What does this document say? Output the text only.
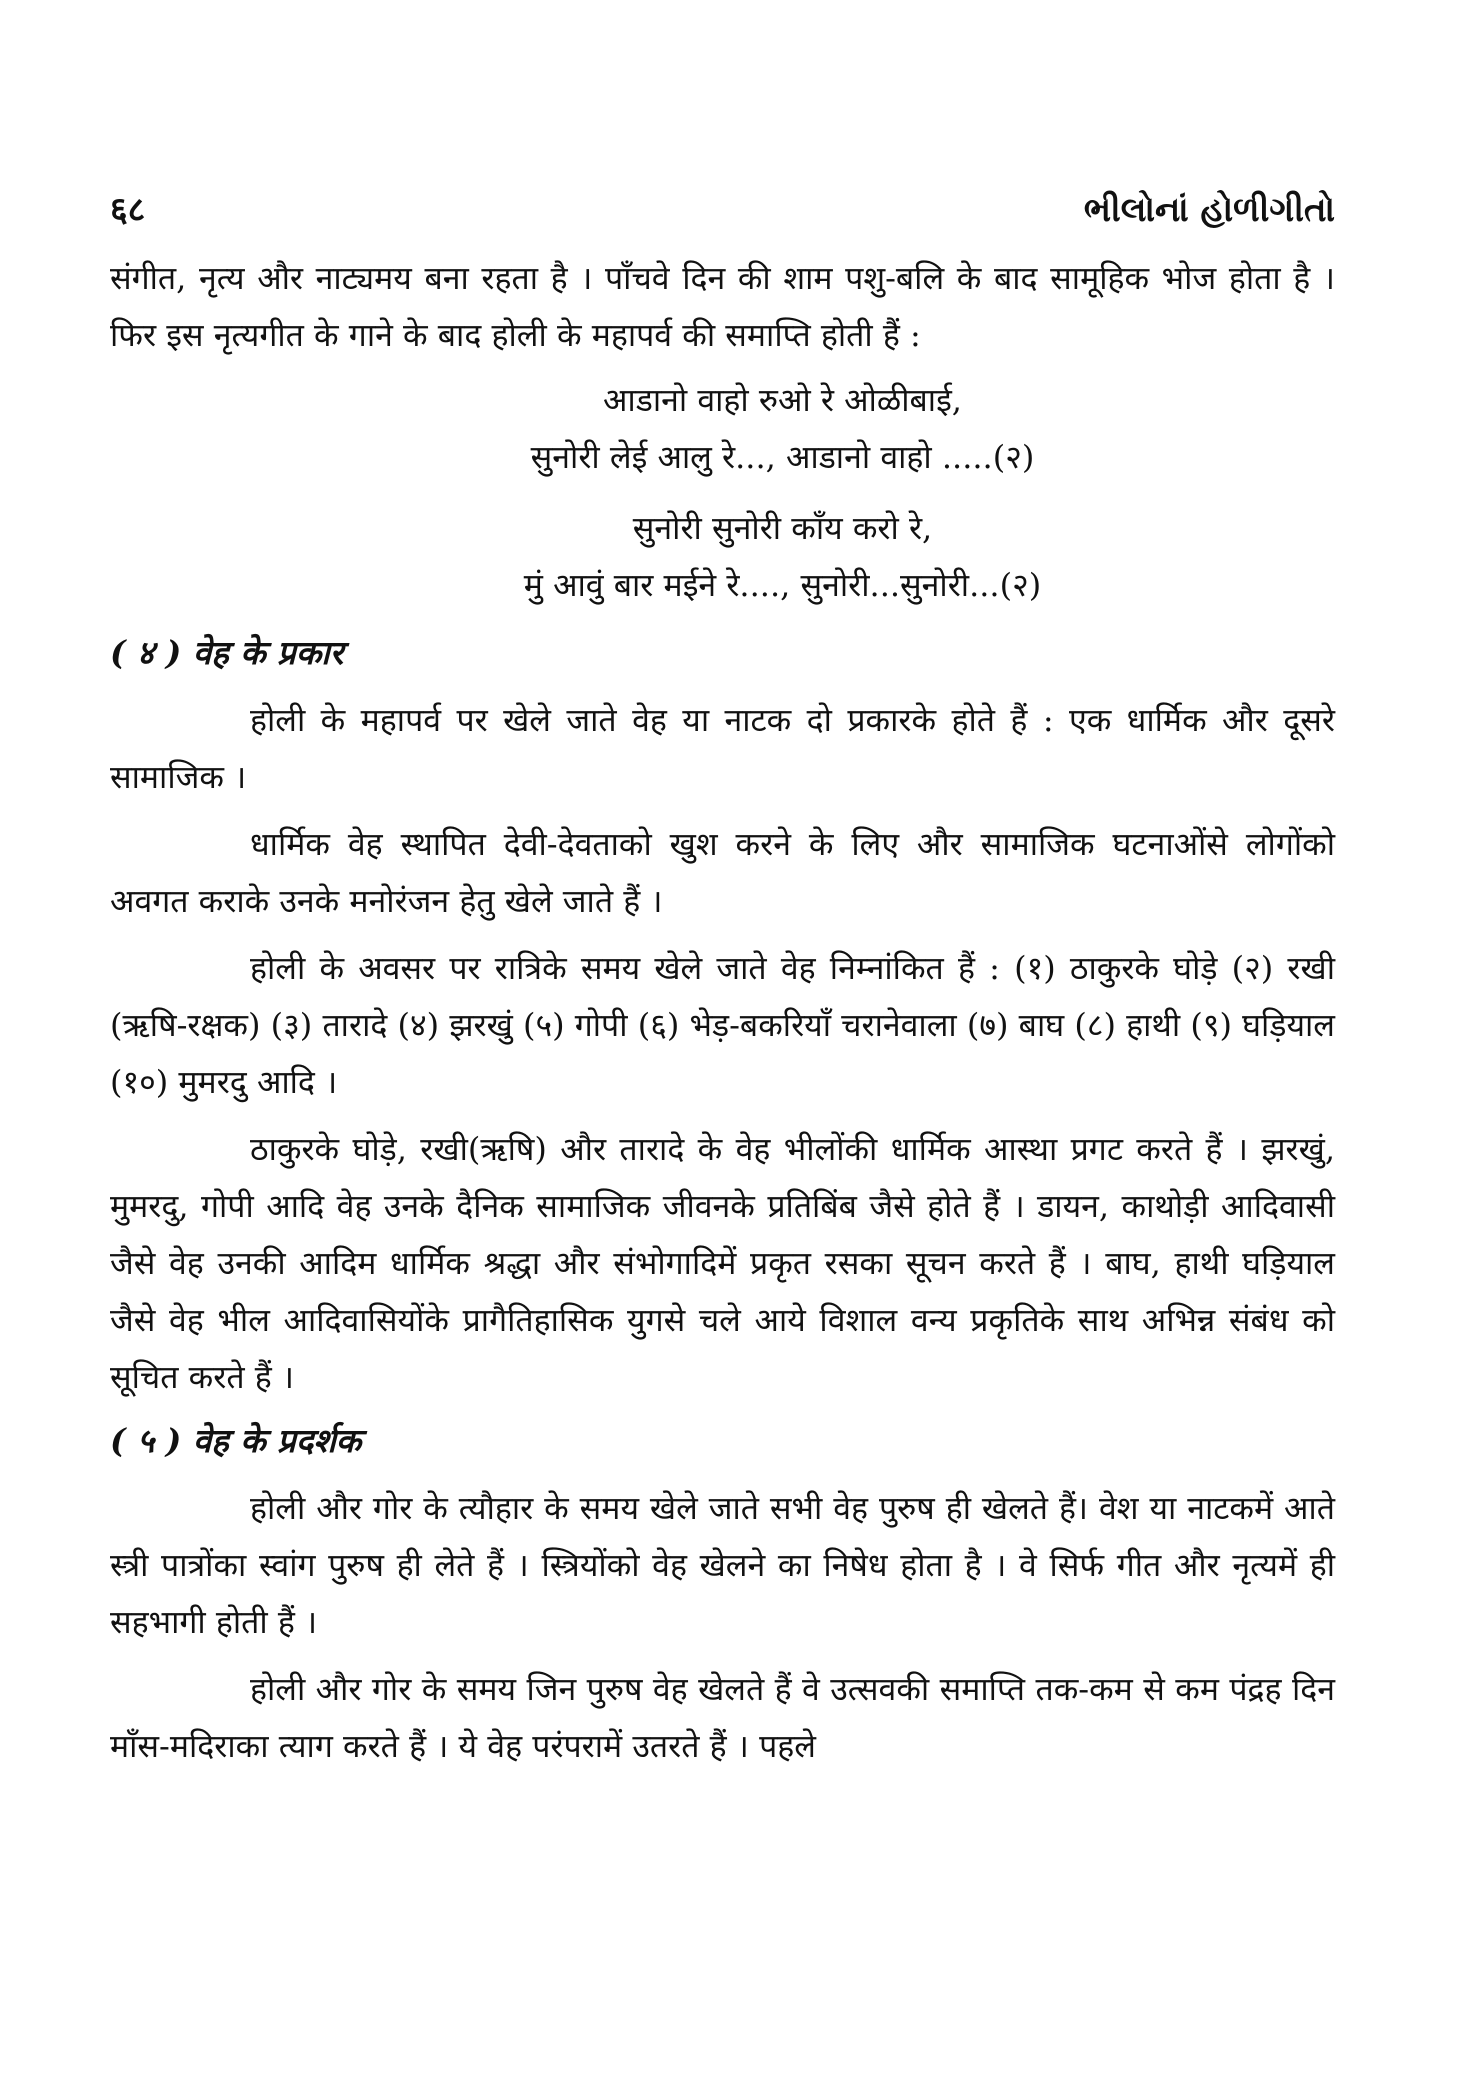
६८	ભીલોનાં હોળીગીતો

संगीत, नृत्य और नाट्यमय बना रहता है । पाँचवे दिन की शाम पशु-बलि के बाद सामूहिक भोज होता है । फिर इस नृत्यगीत के गाने के बाद होली के महापर्व की समाप्ति होती हैं :

आडानो वाहो रुओ रे ओळीबाई,
सुनोरी लेई आलु रे..., आडानो वाहो .....(२)
सुनोरी सुनोरी काँय करो रे,
मुं आवुं बार मईने रे...., सुनोरी...सुनोरी...(२)
( ४ ) वेह के प्रकार

होली के महापर्व पर खेले जाते वेह या नाटक दो प्रकारके होते हैं : एक धार्मिक और दूसरे सामाजिक ।

धार्मिक वेह स्थापित देवी-देवताको खुश करने के लिए और सामाजिक घटनाओंसे लोगोंको अवगत कराके उनके मनोरंजन हेतु खेले जाते हैं ।

होली के अवसर पर रात्रिके समय खेले जाते वेह निम्नांकित हैं : (१) ठाकुरके घोड़े (२) रखी (ऋषि-रक्षक) (३) तारादे (४) झरखुं (५) गोपी (६) भेड़-बकरियाँ चरानेवाला (७) बाघ (८) हाथी (९) घड़ियाल (१०) मुमरदु आदि ।

ठाकुरके घोड़े, रखी(ऋषि) और तारादे के वेह भीलोंकी धार्मिक आस्था प्रगट करते हैं । झरखुं, मुमरदु, गोपी आदि वेह उनके दैनिक सामाजिक जीवनके प्रतिबिंब जैसे होते हैं । डायन, काथोड़ी आदिवासी जैसे वेह उनकी आदिम धार्मिक श्रद्धा और संभोगादिमें प्रकृत रसका सूचन करते हैं । बाघ, हाथी घड़ियाल जैसे वेह भील आदिवासियोंके प्रागैतिहासिक युगसे चले आये विशाल वन्य प्रकृतिके साथ अभिन्न संबंध को सूचित करते हैं ।

( ५ ) वेह के प्रदर्शक

होली और गोर के त्यौहार के समय खेले जाते सभी वेह पुरुष ही खेलते हैं। वेश या नाटकमें आते स्त्री पात्रोंका स्वांग पुरुष ही लेते हैं । स्त्रियोंको वेह खेलने का निषेध होता है । वे सिर्फ गीत और नृत्यमें ही सहभागी होती हैं ।

होली और गोर के समय जिन पुरुष वेह खेलते हैं वे उत्सवकी समाप्ति तक-कम से कम पंद्रह दिन माँस-मदिराका त्याग करते हैं । ये वेह परंपरामें उतरते हैं । पहले
